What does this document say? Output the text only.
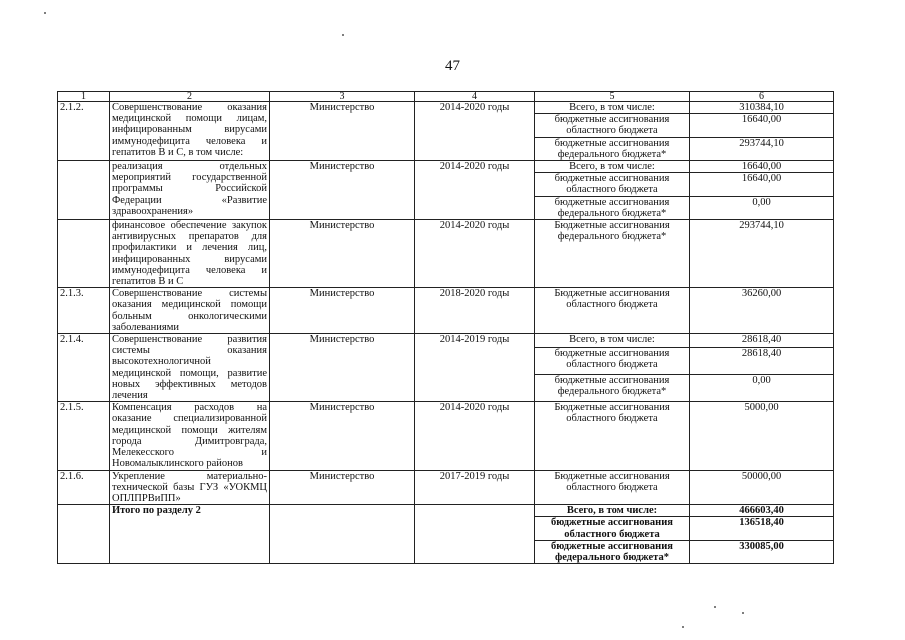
47
1	2	3	4	5	6
2.1.2.	Совершенствование оказания медицинской помощи лицам, инфицированным вирусами иммунодефицита человека и гепатитов В и С, в том числе:	Министерство	2014-2020 годы	Всего, в том числе:	310384,10
				бюджетные ассигнования областного бюджета	16640,00
				бюджетные ассигнования федерального бюджета*	293744,10
	реализация отдельных мероприятий государственной программы Российской Федерации «Развитие здравоохранения»	Министерство	2014-2020 годы	Всего, в том числе:	16640,00
				бюджетные ассигнования областного бюджета	16640,00
				бюджетные ассигнования федерального бюджета*	0,00
	финансовое обеспечение закупок антивирусных препаратов для профилактики и лечения лиц, инфицированных вирусами иммунодефицита человека и гепатитов В и С	Министерство	2014-2020 годы	Бюджетные ассигнования федерального бюджета*	293744,10
2.1.3.	Совершенствование системы оказания медицинской помощи больным онкологическими заболеваниями	Министерство	2018-2020 годы	Бюджетные ассигнования областного бюджета	36260,00
2.1.4.	Совершенствование развития системы оказания высокотехнологичной медицинской помощи, развитие новых эффективных методов лечения	Министерство	2014-2019 годы	Всего, в том числе:	28618,40
				бюджетные ассигнования областного бюджета	28618,40
				бюджетные ассигнования федерального бюджета*	0,00
2.1.5.	Компенсация расходов на оказание специализированной медицинской помощи жителям города Димитровграда, Мелекесского и Новомалыклинского районов	Министерство	2014-2020 годы	Бюджетные ассигнования областного бюджета	5000,00
2.1.6.	Укрепление материально-технической базы ГУЗ «УОКМЦ ОПЛПРВиПП»	Министерство	2017-2019 годы	Бюджетные ассигнования областного бюджета	50000,00
	Итого по разделу 2			Всего, в том числе:	466603,40
				бюджетные ассигнования областного бюджета	136518,40
				бюджетные ассигнования федерального бюджета*	330085,00
